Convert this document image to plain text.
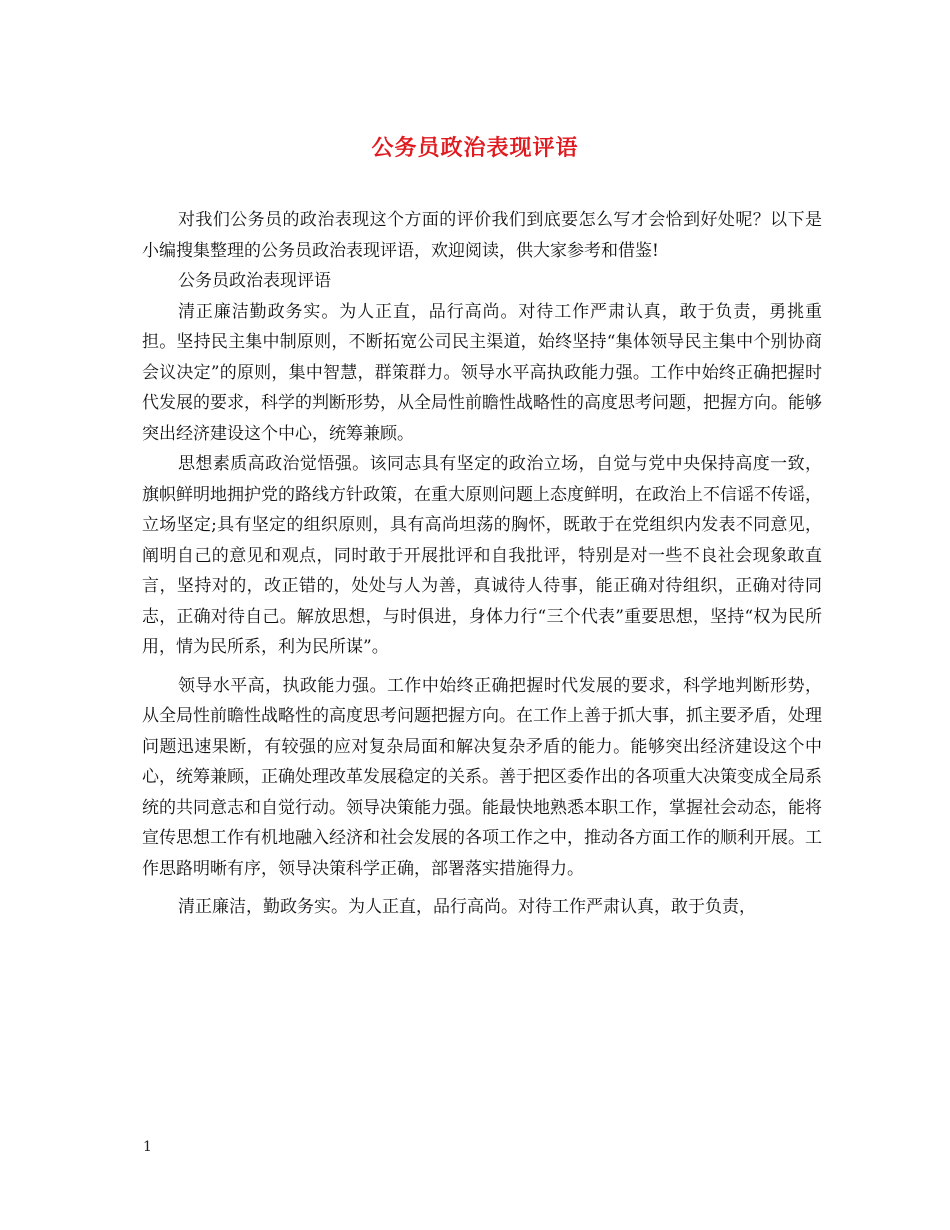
公务员政治表现评语

对我们公务员的政治表现这个方面的评价我们到底要怎么写才会恰到好处呢？以下是小编搜集整理的公务员政治表现评语，欢迎阅读，供大家参考和借鉴!

公务员政治表现评语

清正廉洁勤政务实。为人正直，品行高尚。对待工作严肃认真，敢于负责，勇挑重担。坚持民主集中制原则，不断拓宽公司民主渠道，始终坚持“集体领导民主集中个别协商会议决定”的原则，集中智慧，群策群力。领导水平高执政能力强。工作中始终正确把握时代发展的要求，科学的判断形势，从全局性前瞻性战略性的高度思考问题，把握方向。能够突出经济建设这个中心，统筹兼顾。

思想素质高政治觉悟强。该同志具有坚定的政治立场，自觉与党中央保持高度一致，旗帜鲜明地拥护党的路线方针政策，在重大原则问题上态度鲜明，在政治上不信谣不传谣，立场坚定;具有坚定的组织原则，具有高尚坦荡的胸怀，既敢于在党组织内发表不同意见，阐明自己的意见和观点，同时敢于开展批评和自我批评，特别是对一些不良社会现象敢直言，坚持对的，改正错的，处处与人为善，真诚待人待事，能正确对待组织，正确对待同志，正确对待自己。解放思想，与时俱进，身体力行“三个代表”重要思想，坚持“权为民所用，情为民所系，利为民所谋”。

领导水平高，执政能力强。工作中始终正确把握时代发展的要求，科学地判断形势，从全局性前瞻性战略性的高度思考问题把握方向。在工作上善于抓大事，抓主要矛盾，处理问题迅速果断，有较强的应对复杂局面和解决复杂矛盾的能力。能够突出经济建设这个中心，统筹兼顾，正确处理改革发展稳定的关系。善于把区委作出的各项重大决策变成全局系统的共同意志和自觉行动。领导决策能力强。能最快地熟悉本职工作，掌握社会动态，能将宣传思想工作有机地融入经济和社会发展的各项工作之中，推动各方面工作的顺利开展。工作思路明晰有序，领导决策科学正确，部署落实措施得力。

清正廉洁，勤政务实。为人正直，品行高尚。对待工作严肃认真，敢于负责，

1
